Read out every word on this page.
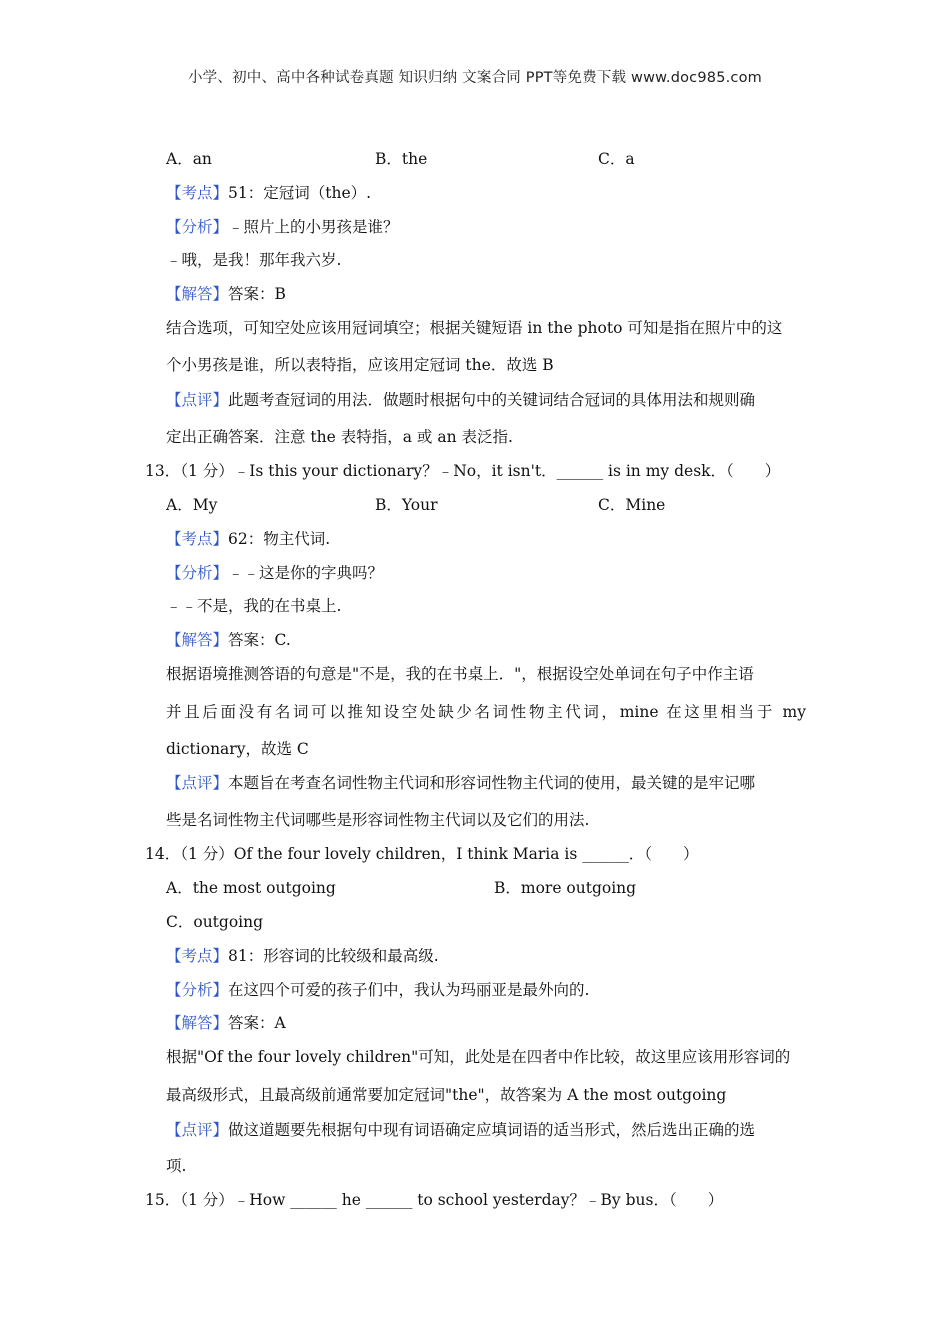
小学、初中、高中各种试卷真题 知识归纳 文案合同 PPT等免费下载 www.doc985.com
A．an	B．the	C．a
【考点】51：定冠词（the）.
【分析】﹣照片上的小男孩是谁？
﹣哦，是我！那年我六岁.
【解答】答案：B
结合选项，可知空处应该用冠词填空；根据关键短语 in the photo 可知是指在照片中的这
个小男孩是谁，所以表特指，应该用定冠词 the．故选 B
【点评】此题考查冠词的用法．做题时根据句中的关键词结合冠词的具体用法和规则确
定出正确答案．注意 the 表特指，a 或 an 表泛指.
13．（1 分）﹣Is this your dictionary？﹣No，it isn't．______ is in my desk．（　　）
A．My	B．Your	C．Mine
【考点】62：物主代词.
【分析】﹣﹣这是你的字典吗？
﹣﹣不是，我的在书桌上.
【解答】答案：C.
根据语境推测答语的句意是"不是，我的在书桌上．"，根据设空处单词在句子中作主语
并且后面没有名词可以推知设空处缺少名词性物主代词，mine 在这里相当于 my
dictionary，故选 C
【点评】本题旨在考查名词性物主代词和形容词性物主代词的使用，最关键的是牢记哪
些是名词性物主代词哪些是形容词性物主代词以及它们的用法.
14．（1 分）Of the four lovely children，I think Maria is ______．（　　）
A．the most outgoing	B．more outgoing
C．outgoing
【考点】81：形容词的比较级和最高级.
【分析】在这四个可爱的孩子们中，我认为玛丽亚是最外向的.
【解答】答案：A
根据"Of the four lovely children"可知，此处是在四者中作比较，故这里应该用形容词的
最高级形式，且最高级前通常要加定冠词"the"，故答案为 A the most outgoing
【点评】做这道题要先根据句中现有词语确定应填词语的适当形式，然后选出正确的选
项.
15．（1 分）﹣How ______ he ______ to school yesterday？﹣By bus．（　　）
